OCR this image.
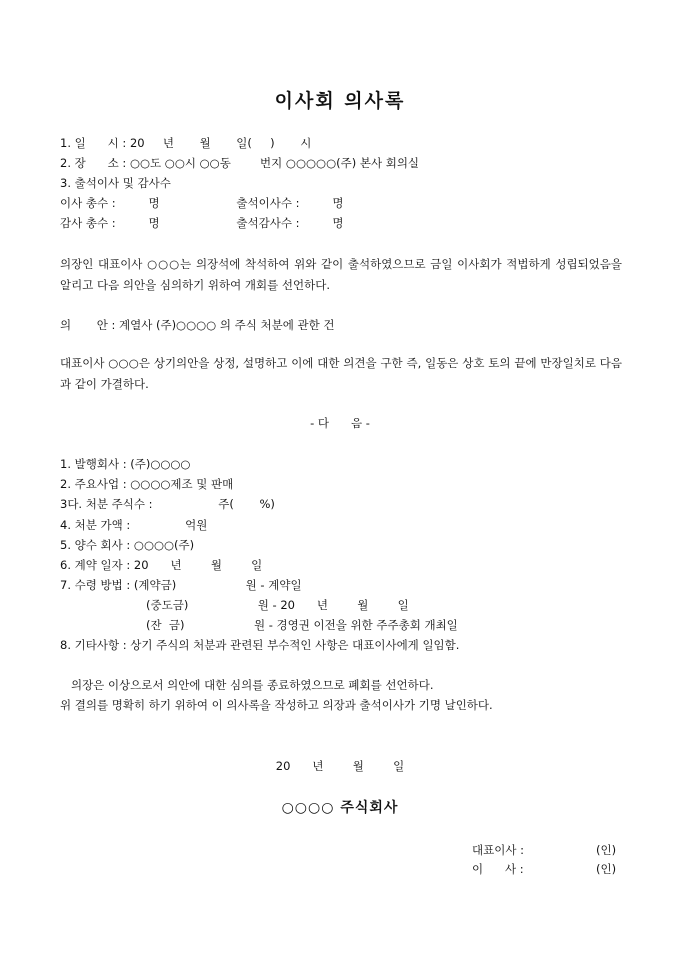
이사회 의사록
1. 일      시 : 20     년       월       일(     )       시
2. 장      소 : ○○도 ○○시 ○○동        번지 ○○○○○(주) 본사 회의실
3. 출석이사 및 감사수
이사 총수 :         명                     출석이사수 :         명
감사 총수 :         명                     출석감사수 :         명
의장인 대표이사 ○○○는 의장석에 착석하여 위와 같이 출석하였으므로 금일 이사회가 적법하게 성립되었음을 알리고 다음 의안을 심의하기 위하여 개회를 선언하다.
의       안 : 계열사 (주)○○○○ 의 주식 처분에 관한 건
대표이사 ○○○은 상기의안을 상정, 설명하고 이에 대한 의견을 구한 즉, 일동은 상호 토의 끝에 만장일치로 다음과 같이 가결하다.
- 다      음 -
1. 발행회사 : (주)○○○○
2. 주요사업 : ○○○○제조 및 판매
3다. 처분 주식수 :                  주(       %)
4. 처분 가액 :               억원
5. 양수 회사 : ○○○○(주)
6. 계약 일자 : 20      년        월        일
7. 수령 방법 : (계약금)                   원 - 계약일
(중도금)                   원 - 20      년        월        일
(잔  금)                   원 - 경영권 이전을 위한 주주총회 개최일
8. 기타사항 : 상기 주식의 처분과 관련된 부수적인 사항은 대표이사에게 일임함.
의장은 이상으로서 의안에 대한 심의를 종료하였으므로 폐회를 선언하다.
위 결의를 명확히 하기 위하여 이 의사록을 작성하고 의장과 출석이사가 기명 날인하다.
20      년        월        일
○○○○ 주식회사
대표이사 :	(인)
이      사 :	(인)
